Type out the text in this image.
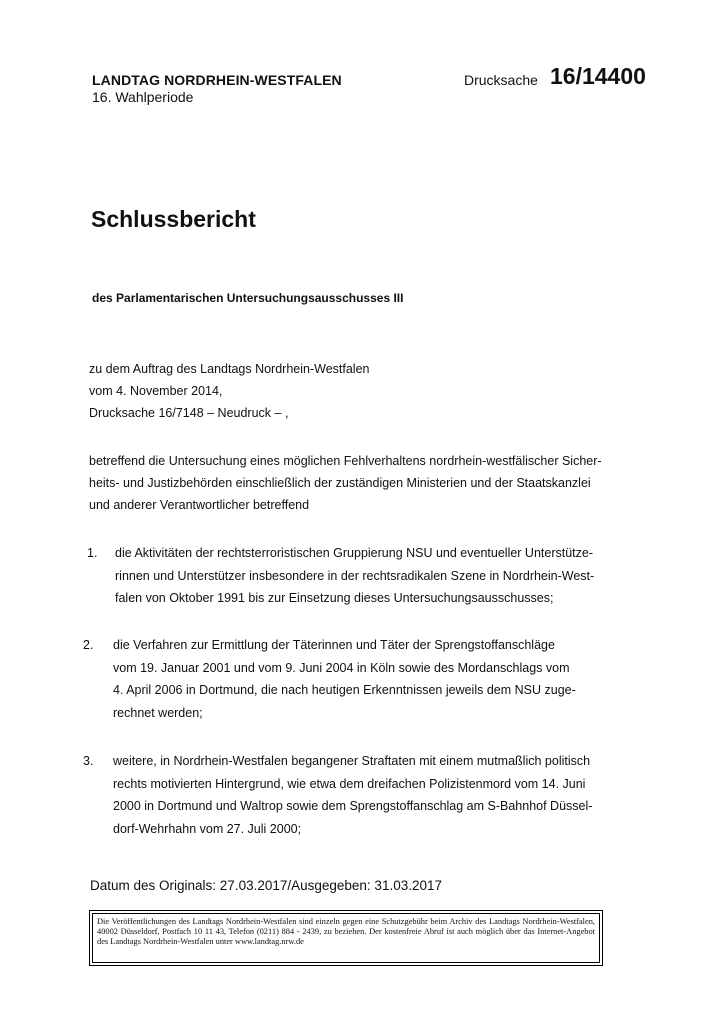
LANDTAG NORDRHEIN-WESTFALEN
16. Wahlperiode
Drucksache 16/14400
Schlussbericht
des Parlamentarischen Untersuchungsausschusses III
zu dem Auftrag des Landtags Nordrhein-Westfalen
vom 4. November 2014,
Drucksache 16/7148 – Neudruck – ,
betreffend die Untersuchung eines möglichen Fehlverhaltens nordrhein-westfälischer Sicher-
heits- und Justizbehörden einschließlich der zuständigen Ministerien und der Staatskanzlei
und anderer Verantwortlicher betreffend
1. die Aktivitäten der rechtsterroristischen Gruppierung NSU und eventueller Unterstütze-
rinnen und Unterstützer insbesondere in der rechtsradikalen Szene in Nordrhein-West-
falen von Oktober 1991 bis zur Einsetzung dieses Untersuchungsausschusses;
2. die Verfahren zur Ermittlung der Täterinnen und Täter der Sprengstoffanschläge
vom 19. Januar 2001 und vom 9. Juni 2004 in Köln sowie des Mordanschlags vom
4. April 2006 in Dortmund, die nach heutigen Erkenntnissen jeweils dem NSU zuge-
rechnet werden;
3. weitere, in Nordrhein-Westfalen begangener Straftaten mit einem mutmaßlich politisch
rechts motivierten Hintergrund, wie etwa dem dreifachen Polizistenmord vom 14. Juni
2000 in Dortmund und Waltrop sowie dem Sprengstoffanschlag am S-Bahnhof Düssel-
dorf-Wehrhahn vom 27. Juli 2000;
Datum des Originals: 27.03.2017/Ausgegeben: 31.03.2017
Die Veröffentlichungen des Landtags Nordrhein-Westfalen sind einzeln gegen eine Schutzgebühr beim Archiv des Landtags Nordrhein-Westfalen, 40002 Düsseldorf, Postfach 10 11 43, Telefon (0211) 884 - 2439, zu beziehen. Der kostenfreie Abruf ist auch möglich über das Internet-Angebot des Landtags Nordrhein-Westfalen unter www.landtag.nrw.de
